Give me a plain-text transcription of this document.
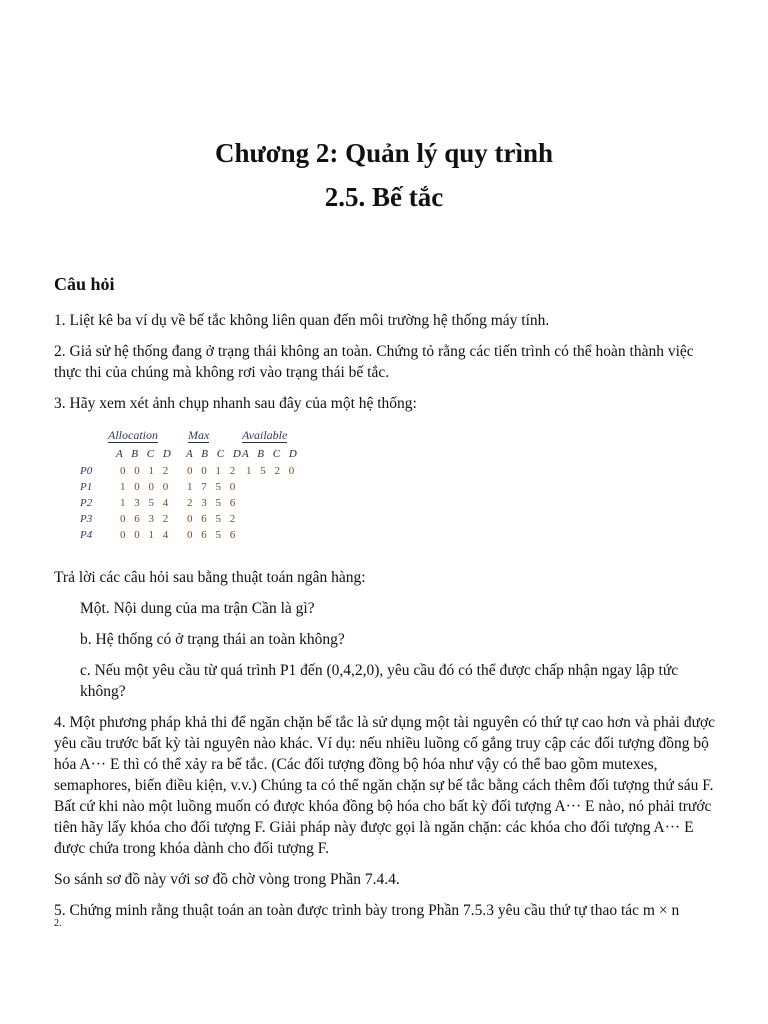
Chương 2: Quản lý quy trình
2.5. Bế tắc
Câu hỏi
1. Liệt kê ba ví dụ về bế tắc không liên quan đến môi trường hệ thống máy tính.
2. Giả sử hệ thống đang ở trạng thái không an toàn. Chứng tỏ rằng các tiến trình có thể hoàn thành việc thực thi của chúng mà không rơi vào trạng thái bế tắc.
3. Hãy xem xét ảnh chụp nhanh sau đây của một hệ thống:
Allocation	Max	Available
A B C D A B C D
A B C D
P0
P1
P2
P3
P4
0 0 1 2
1 0 0 0
1 3 5 4
0 6 3 2
0 0 1 4
0 0 1 2
1 7 5 0
2 3 5 6
0 6 5 2
0 6 5 6
1 5 2 0
Trả lời các câu hỏi sau bằng thuật toán ngân hàng:
Một. Nội dung của ma trận Cần là gì?
b. Hệ thống có ở trạng thái an toàn không?
c. Nếu một yêu cầu từ quá trình P1 đến (0,4,2,0), yêu cầu đó có thể được chấp nhận ngay lập tức không?
4. Một phương pháp khả thi để ngăn chặn bế tắc là sử dụng một tài nguyên có thứ tự cao hơn và phải được yêu cầu trước bất kỳ tài nguyên nào khác. Ví dụ: nếu nhiều luồng cố gắng truy cập các đối tượng đồng bộ hóa A··· E thì có thể xảy ra bế tắc. (Các đối tượng đồng bộ hóa như vậy có thể bao gồm mutexes, semaphores, biến điều kiện, v.v.) Chúng ta có thể ngăn chặn sự bế tắc bằng cách thêm đối tượng thứ sáu F. Bất cứ khi nào một luồng muốn có được khóa đồng bộ hóa cho bất kỳ đối tượng A··· E nào, nó phải trước tiên hãy lấy khóa cho đối tượng F. Giải pháp này được gọi là ngăn chặn: các khóa cho đối tượng A··· E được chứa trong khóa dành cho đối tượng F.
So sánh sơ đồ này với sơ đồ chờ vòng trong Phần 7.4.4.
5. Chứng minh rằng thuật toán an toàn được trình bày trong Phần 7.5.3 yêu cầu thứ tự thao tác m × n
2.
